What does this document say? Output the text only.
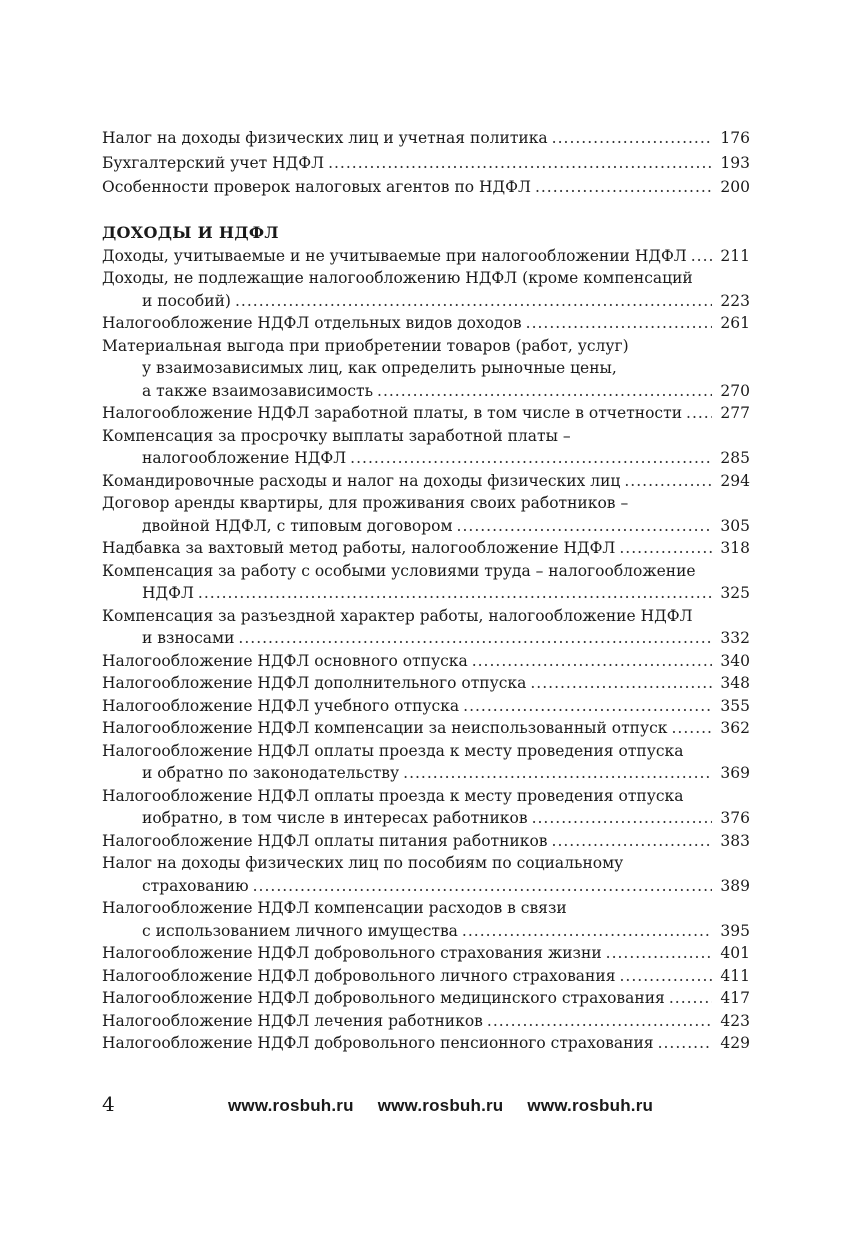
Налог на доходы физических лиц и учетная политика .....	176
Бухгалтерский учет НДФЛ .....	193
Особенности проверок налоговых агентов по НДФЛ .....	200
ДОХОДЫ И НДФЛ
Доходы, учитываемые и не учитываемые при налогообложении НДФЛ ..... 211
Доходы, не подлежащие налогообложению НДФЛ (кроме компенсаций
и пособий) .....	223
Налогообложение НДФЛ отдельных видов доходов .....	261
Материальная выгода при приобретении товаров (работ, услуг)
у взаимозависимых лиц, как определить рыночные цены,
а также взаимозависимость .....	270
Налогообложение НДФЛ заработной платы, в том числе в отчетности ..... 277
Компенсация за просрочку выплаты заработной платы –
налогообложение НДФЛ .....	285
Командировочные расходы и налог на доходы физических лиц .....	294
Договор аренды квартиры, для проживания своих работников –
двойной НДФЛ, с типовым договором .....	305
Надбавка за вахтовый метод работы, налогообложение НДФЛ .....	318
Компенсация за работу с особыми условиями труда – налогообложение
НДФЛ .....	325
Компенсация за разъездной характер работы, налогообложение НДФЛ
и взносами .....	332
Налогообложение НДФЛ основного отпуска .....	340
Налогообложение НДФЛ дополнительного отпуска .....	348
Налогообложение НДФЛ учебного отпуска .....	355
Налогообложение НДФЛ компенсации за неиспользованный отпуск .....	362
Налогообложение НДФЛ оплаты проезда к месту проведения отпуска
и обратно по законодательству .....	369
Налогообложение НДФЛ оплаты проезда к месту проведения отпуска
иобратно, в том числе в интересах работников .....	376
Налогообложение НДФЛ оплаты питания работников .....	383
Налог на доходы физических лиц по пособиям по социальному
страхованию .....	389
Налогообложение НДФЛ компенсации расходов в связи
с использованием личного имущества .....	395
Налогообложение НДФЛ добровольного страхования жизни .....	401
Налогообложение НДФЛ добровольного личного страхования .....	411
Налогообложение НДФЛ добровольного медицинского страхования .....	417
Налогообложение НДФЛ лечения работников .....	423
Налогообложение НДФЛ добровольного пенсионного страхования .....	429
4	www.rosbuh.ru www.rosbuh.ru www.rosbuh.ru
